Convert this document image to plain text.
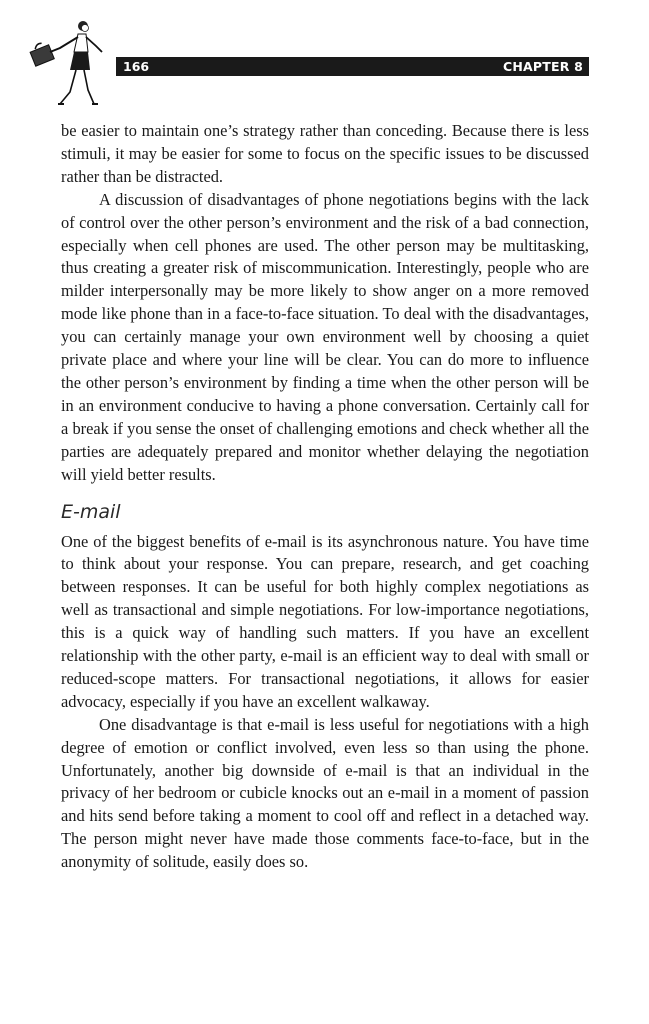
166	CHAPTER 8

be easier to maintain one’s strategy rather than conceding. Because there is less stimuli, it may be easier for some to focus on the specific issues to be discussed rather than be distracted.

A discussion of disadvantages of phone negotiations begins with the lack of control over the other person’s environment and the risk of a bad connection, especially when cell phones are used. The other person may be multitasking, thus creating a greater risk of miscommunication. Interestingly, people who are milder interpersonally may be more likely to show anger on a more removed mode like phone than in a face-to-face situation. To deal with the disadvantages, you can certainly manage your own environment well by choosing a quiet private place and where your line will be clear. You can do more to influence the other person’s environment by finding a time when the other person will be in an environment conducive to having a phone conversation. Certainly call for a break if you sense the onset of challenging emotions and check whether all the parties are adequately prepared and monitor whether delaying the negotiation will yield better results.

E-mail

One of the biggest benefits of e-mail is its asynchronous nature. You have time to think about your response. You can prepare, research, and get coaching between responses. It can be useful for both highly complex negotiations as well as transactional and simple negotiations. For low-importance negotiations, this is a quick way of handling such matters. If you have an excellent relationship with the other party, e-mail is an efficient way to deal with small or reduced-scope matters. For transactional negotiations, it allows for easier advocacy, especially if you have an excellent walkaway.

One disadvantage is that e-mail is less useful for negotiations with a high degree of emotion or conflict involved, even less so than using the phone. Unfortunately, another big downside of e-mail is that an individual in the privacy of her bedroom or cubicle knocks out an e-mail in a moment of passion and hits send before taking a moment to cool off and reflect in a detached way. The person might never have made those comments face-to-face, but in the anonymity of solitude, easily does so.
